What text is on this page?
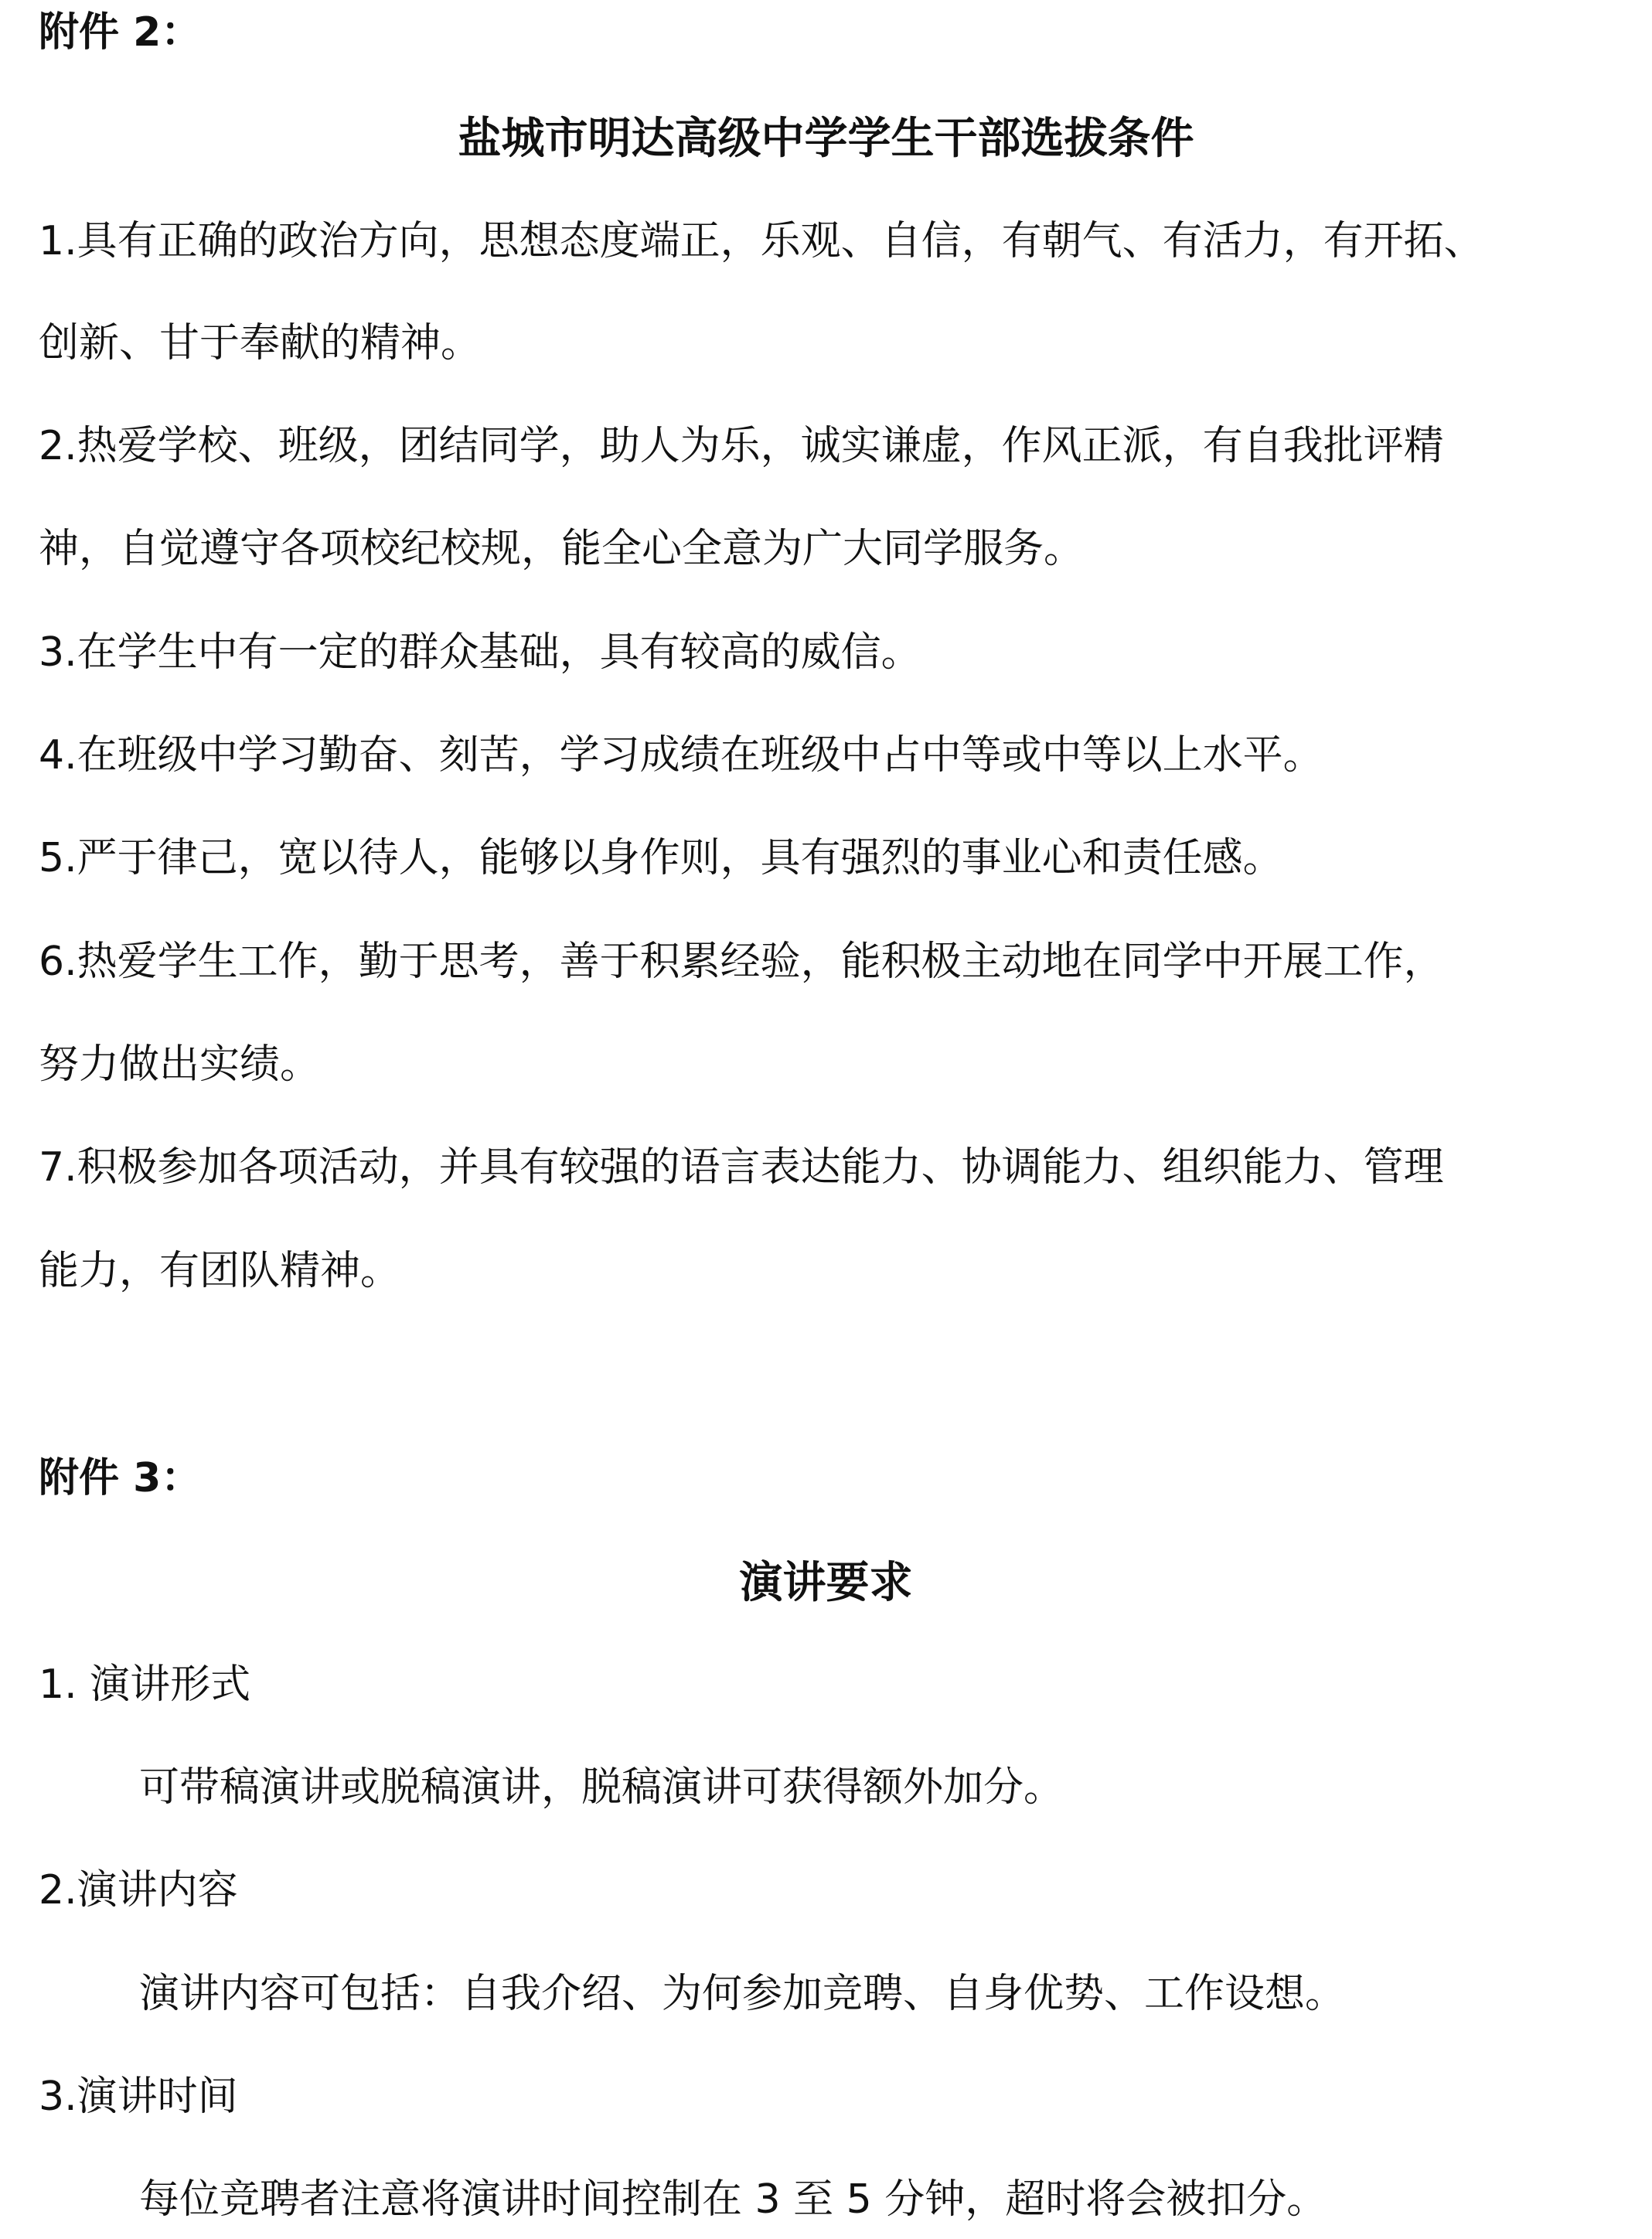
附件 2：
盐城市明达高级中学学生干部选拔条件
1.具有正确的政治方向，思想态度端正，乐观、自信，有朝气、有活力，有开拓、
创新、甘于奉献的精神。
2.热爱学校、班级，团结同学，助人为乐，诚实谦虚，作风正派，有自我批评精
神，自觉遵守各项校纪校规，能全心全意为广大同学服务。
3.在学生中有一定的群众基础，具有较高的威信。
4.在班级中学习勤奋、刻苦，学习成绩在班级中占中等或中等以上水平。
5.严于律己，宽以待人，能够以身作则，具有强烈的事业心和责任感。
6.热爱学生工作，勤于思考，善于积累经验，能积极主动地在同学中开展工作，
努力做出实绩。
7.积极参加各项活动，并具有较强的语言表达能力、协调能力、组织能力、管理
能力，有团队精神。
附件 3：
演讲要求
1. 演讲形式
可带稿演讲或脱稿演讲，脱稿演讲可获得额外加分。
2.演讲内容
演讲内容可包括：自我介绍、为何参加竞聘、自身优势、工作设想。
3.演讲时间
每位竞聘者注意将演讲时间控制在 3 至 5 分钟，超时将会被扣分。
